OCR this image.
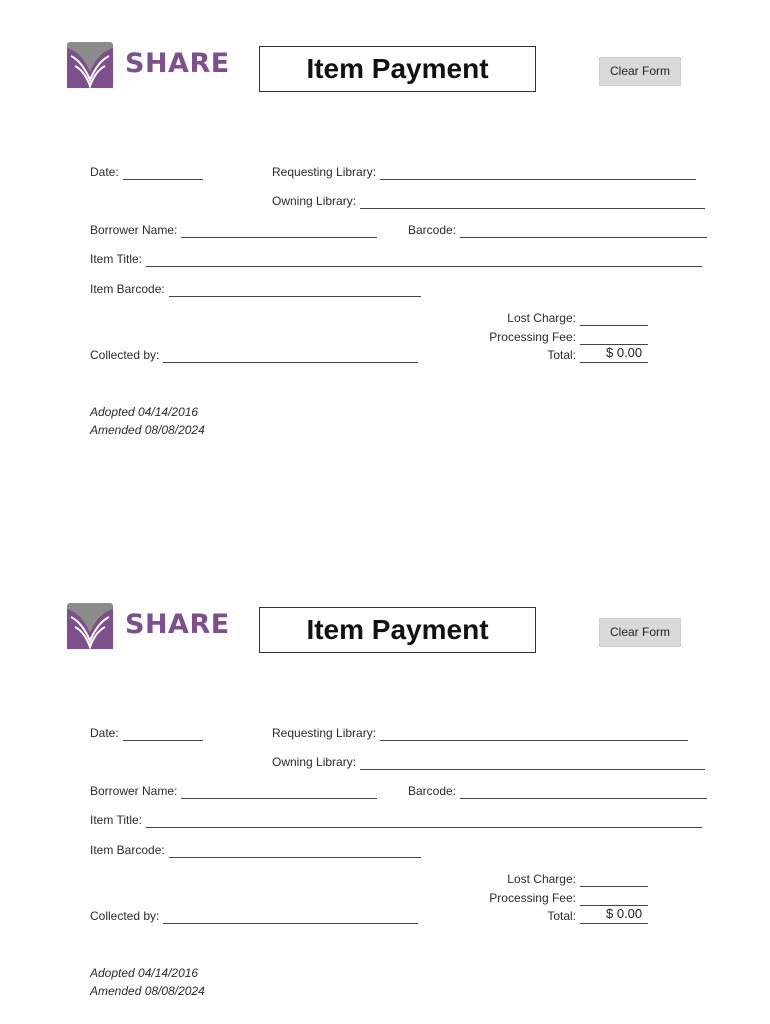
SHARE	Item Payment	Clear Form
Date:	Requesting Library:
Owning Library:
Borrower Name:	Barcode:
Item Title:
Item Barcode:
Lost Charge:
Processing Fee:
Total:	$ 0.00
Collected by:
Adopted 04/14/2016
Amended 08/08/2024
SHARE	Item Payment	Clear Form
Date:	Requesting Library:
Owning Library:
Borrower Name:	Barcode:
Item Title:
Item Barcode:
Lost Charge:
Processing Fee:
Total:	$ 0.00
Collected by:
Adopted 04/14/2016
Amended 08/08/2024
